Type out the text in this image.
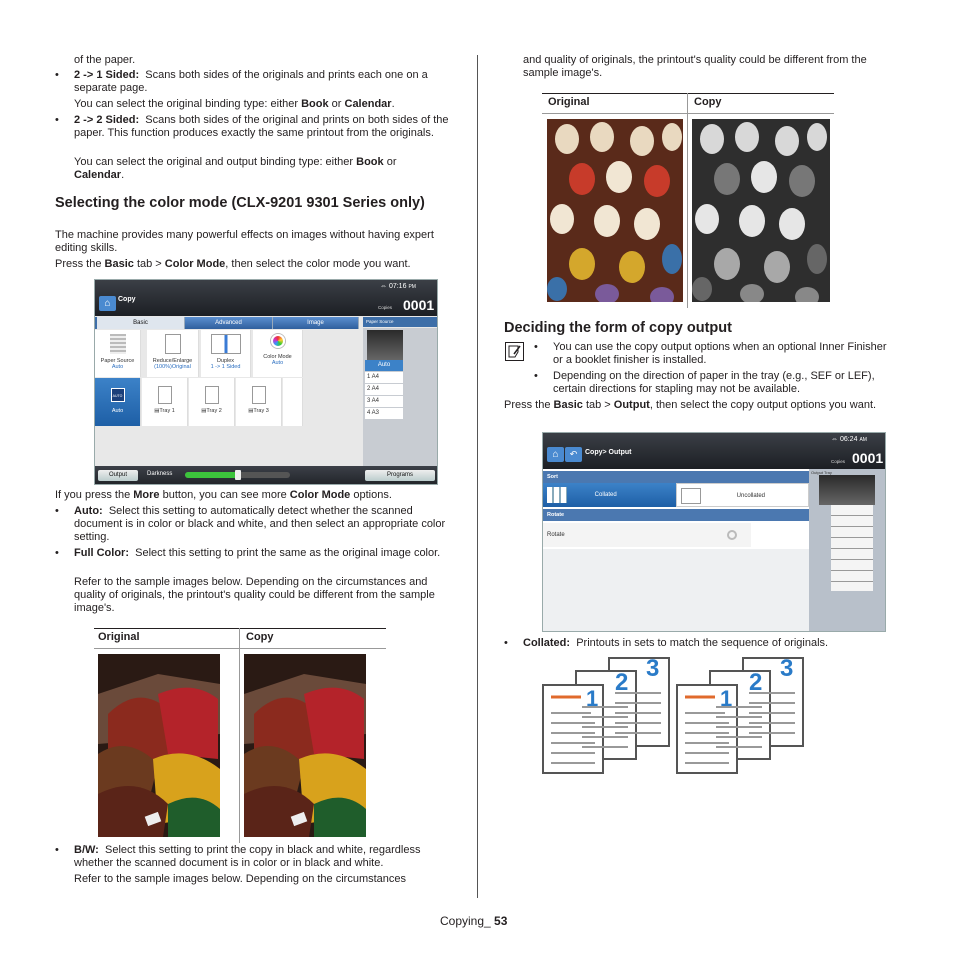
of the paper.
• 2 -> 1 Sided: Scans both sides of the originals and prints each one on a separate page.
You can select the original binding type: either Book or Calendar.
• 2 -> 2 Sided: Scans both sides of the original and prints on both sides of the paper. This function produces exactly the same printout from the originals.
You can select the original and output binding type: either Book or
Calendar.
Selecting the color mode (CLX-9201 9301 Series only)
The machine provides many powerful effects on images without having expert editing skills.
Press the Basic tab > Color Mode, then select the color mode you want.
⌂	Copy
⇔ 07:16 PM
Copies 0001
Basic	Advanced	Image	Paper Source
Paper Source
Auto
Reduce/Enlarge
(100%)Original
Duplex
1 -> 1 Sided
Color Mode
Auto
AUTO
Auto	▤Tray 1	▤Tray 2	▤Tray 3
Auto
1 A4
2 A4
3 A4
4 A3
Output	Darkness	Programs
If you press the More button, you can see more Color Mode options.
• Auto: Select this setting to automatically detect whether the scanned document is in color or black and white, and then select an appropriate color setting.
• Full Color: Select this setting to print the same as the original image color.
Refer to the sample images below. Depending on the circumstances and quality of originals, the printout's quality could be different from the sample image's.
Original	Copy
• B/W: Select this setting to print the copy in black and white, regardless whether the scanned document is in color or in black and white.
Refer to the sample images below. Depending on the circumstances
and quality of originals, the printout's quality could be different from the sample image's.
Original	Copy
Deciding the form of copy output
• You can use the copy output options when an optional Inner Finisher or a booklet finisher is installed.
• Depending on the direction of paper in the tray (e.g., SEF or LEF), certain directions for stapling may not be available.
Press the Basic tab > Output, then select the copy output options you want.
⌂	↶	Copy> Output
⇔ 06:24 AM
Copies 0001
Sort
Collated	Uncollated
Rotate
Rotate
Output Tray
• Collated: Printouts in sets to match the sequence of originals.
3
2
1
3
2
1
Copying_ 53
